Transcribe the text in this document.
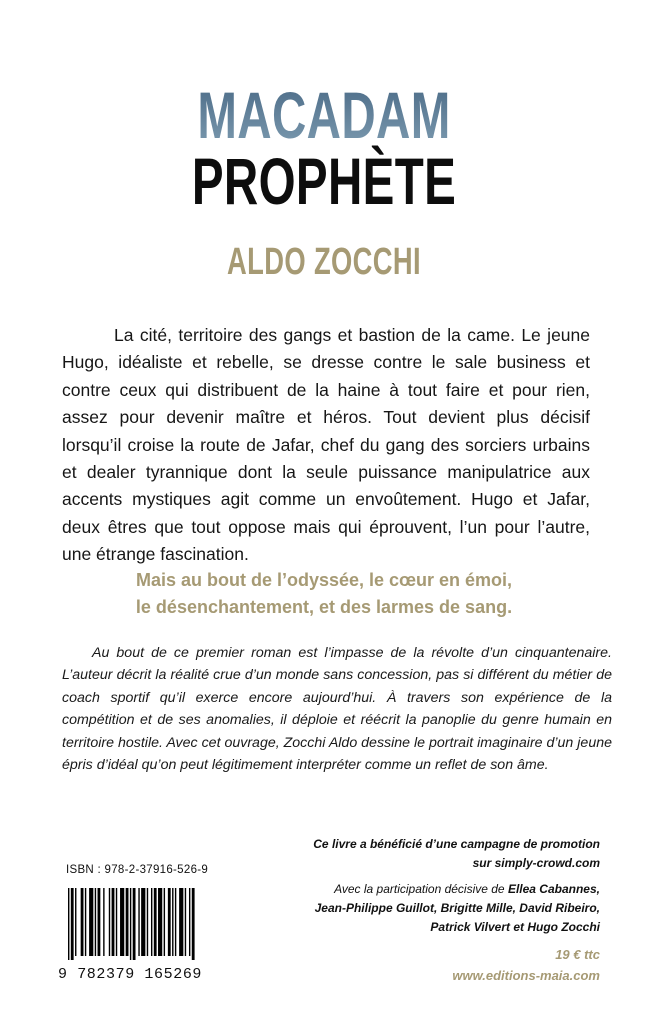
MACADAM
PROPHÈTE
ALDO ZOCCHI

La cité, territoire des gangs et bastion de la came. Le jeune Hugo, idéaliste et rebelle, se dresse contre le sale business et contre ceux qui distribuent de la haine à tout faire et pour rien, assez pour devenir maître et héros. Tout devient plus décisif lorsqu’il croise la route de Jafar, chef du gang des sorciers urbains et dealer tyrannique dont la seule puissance manipulatrice aux accents mystiques agit comme un envoûtement. Hugo et Jafar, deux êtres que tout oppose mais qui éprouvent, l’un pour l’autre, une étrange fascination.

Mais au bout de l’odyssée, le cœur en émoi,
le désenchantement, et des larmes de sang.

Au bout de ce premier roman est l’impasse de la révolte d’un cinquantenaire. L’auteur décrit la réalité crue d’un monde sans concession, pas si différent du métier de coach sportif qu’il exerce encore aujourd’hui. À travers son expérience de la compétition et de ses anomalies, il déploie et réécrit la panoplie du genre humain en territoire hostile. Avec cet ouvrage, Zocchi Aldo dessine le portrait imaginaire d’un jeune épris d’idéal qu’on peut légitimement interpréter comme un reflet de son âme.

Ce livre a bénéficié d’une campagne de promotion
sur simply-crowd.com
Avec la participation décisive de Ellea Cabannes,
Jean-Philippe Guillot, Brigitte Mille, David Ribeiro,
Patrick Vilvert et Hugo Zocchi
19 € ttc
www.editions-maia.com
ISBN : 978-2-37916-526-9
9 782379 165269
